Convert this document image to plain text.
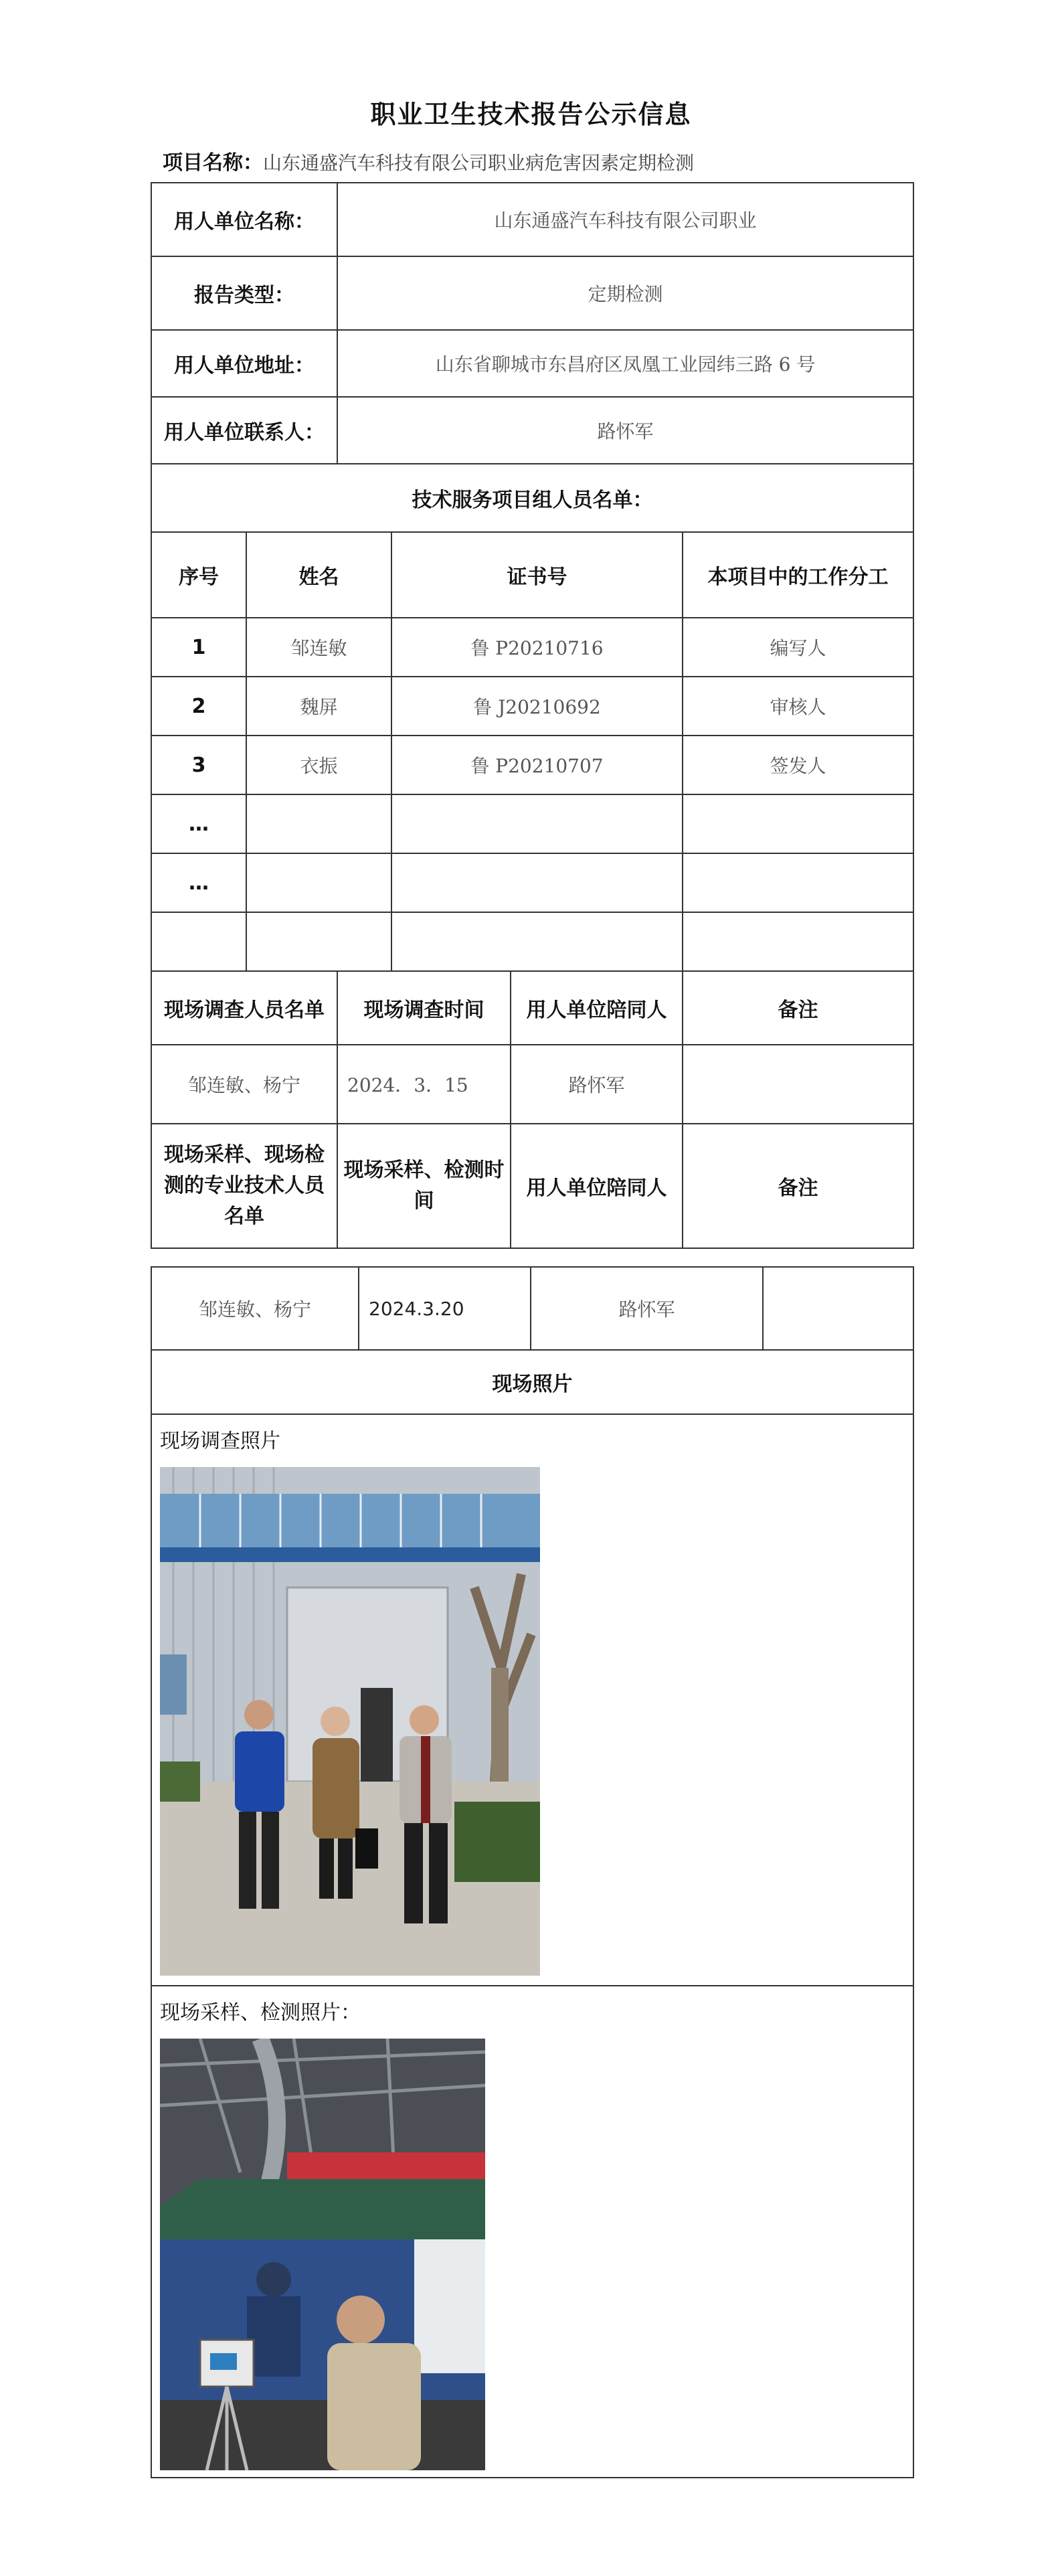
职业卫生技术报告公示信息
项目名称：山东通盛汽车科技有限公司职业病危害因素定期检测
用人单位名称：		山东通盛汽车科技有限公司职业			
报告类型：		定期检测			
用人单位地址：		山东省聊城市东昌府区凤凰工业园纬三路 6 号			
用人单位联系人：		路怀军			
技术服务项目组人员名单：					
序号	姓名		证书号		本项目中的工作分工
1	邹连敏		鲁 P20210716		编写人
2	魏屏		鲁 J20210692		审核人
3	衣振		鲁 P20210707		签发人
…					
…					

现场调查人员名单		现场调查时间		用人单位陪同人	备注
邹连敏、杨宁		2024．3．15		路怀军	
现场采样、现场检测的专业技术人员名单		现场采样、检测时间		用人单位陪同人	备注
邹连敏、杨宁	2024.3.20	路怀军	
现场照片

现场调查照片

现场采样、检测照片：
